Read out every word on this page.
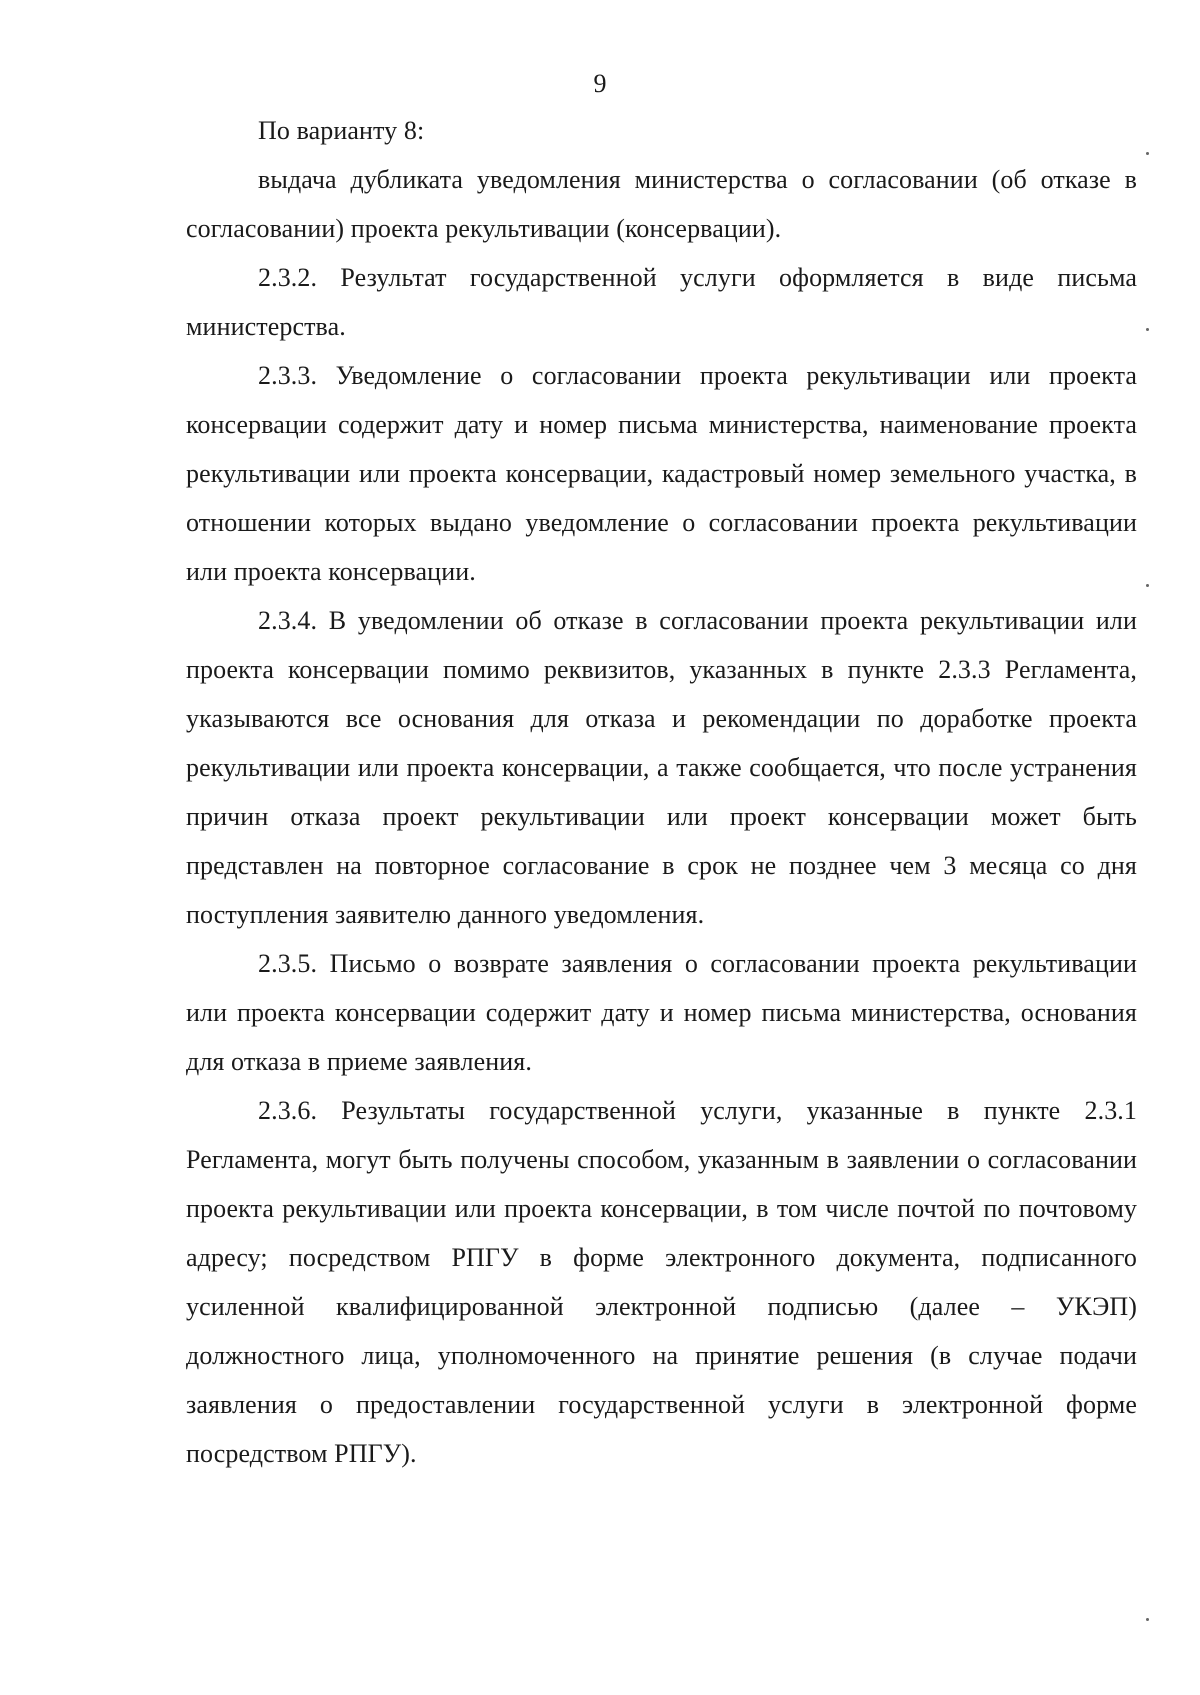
9

По варианту 8:

выдача дубликата уведомления министерства о согласовании (об отказе в согласовании) проекта рекультивации (консервации).

2.3.2. Результат государственной услуги оформляется в виде письма министерства.

2.3.3. Уведомление о согласовании проекта рекультивации или проекта консервации содержит дату и номер письма министерства, наименование проекта рекультивации или проекта консервации, кадастровый номер земельного участка, в отношении которых выдано уведомление о согласовании проекта рекультивации или проекта консервации.

2.3.4. В уведомлении об отказе в согласовании проекта рекультивации или проекта консервации помимо реквизитов, указанных в пункте 2.3.3 Регламента, указываются все основания для отказа и рекомендации по доработке проекта рекультивации или проекта консервации, а также сообщается, что после устранения причин отказа проект рекультивации или проект консервации может быть представлен на повторное согласование в срок не позднее чем 3 месяца со дня поступления заявителю данного уведомления.

2.3.5. Письмо о возврате заявления о согласовании проекта рекультивации или проекта консервации содержит дату и номер письма министерства, основания для отказа в приеме заявления.

2.3.6. Результаты государственной услуги, указанные в пункте 2.3.1 Регламента, могут быть получены способом, указанным в заявлении о согласовании проекта рекультивации или проекта консервации, в том числе почтой по почтовому адресу; посредством РПГУ в форме электронного документа, подписанного усиленной квалифицированной электронной подписью (далее – УКЭП) должностного лица, уполномоченного на принятие решения (в случае подачи заявления о предоставлении государственной услуги в электронной форме посредством РПГУ).
